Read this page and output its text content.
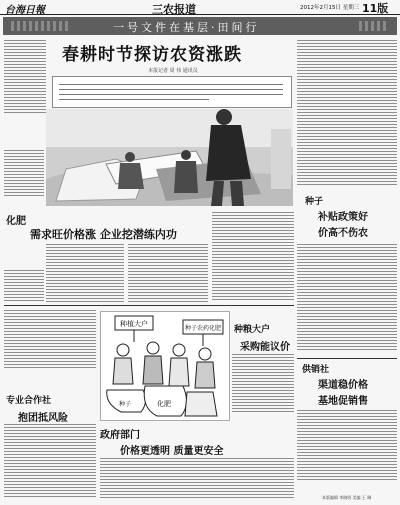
台海日報	三农报道	2012年2月15日 星期三 11版
一号文件在基层·田间行
春耕时节探访农资涨跌
本报记者 周 伟 通讯员
化肥
需求旺价格涨 企业挖潜练内功
种子
补贴政策好
价高不伤农
专业合作社
抱团抵风险
种植大户
种子农药化肥
种子	化肥
种粮大户
采购能议价
供销社
渠道稳价格
基地促销售
政府部门
价格更透明 质量更安全
本版编辑 李晓明 美编 王 琳
